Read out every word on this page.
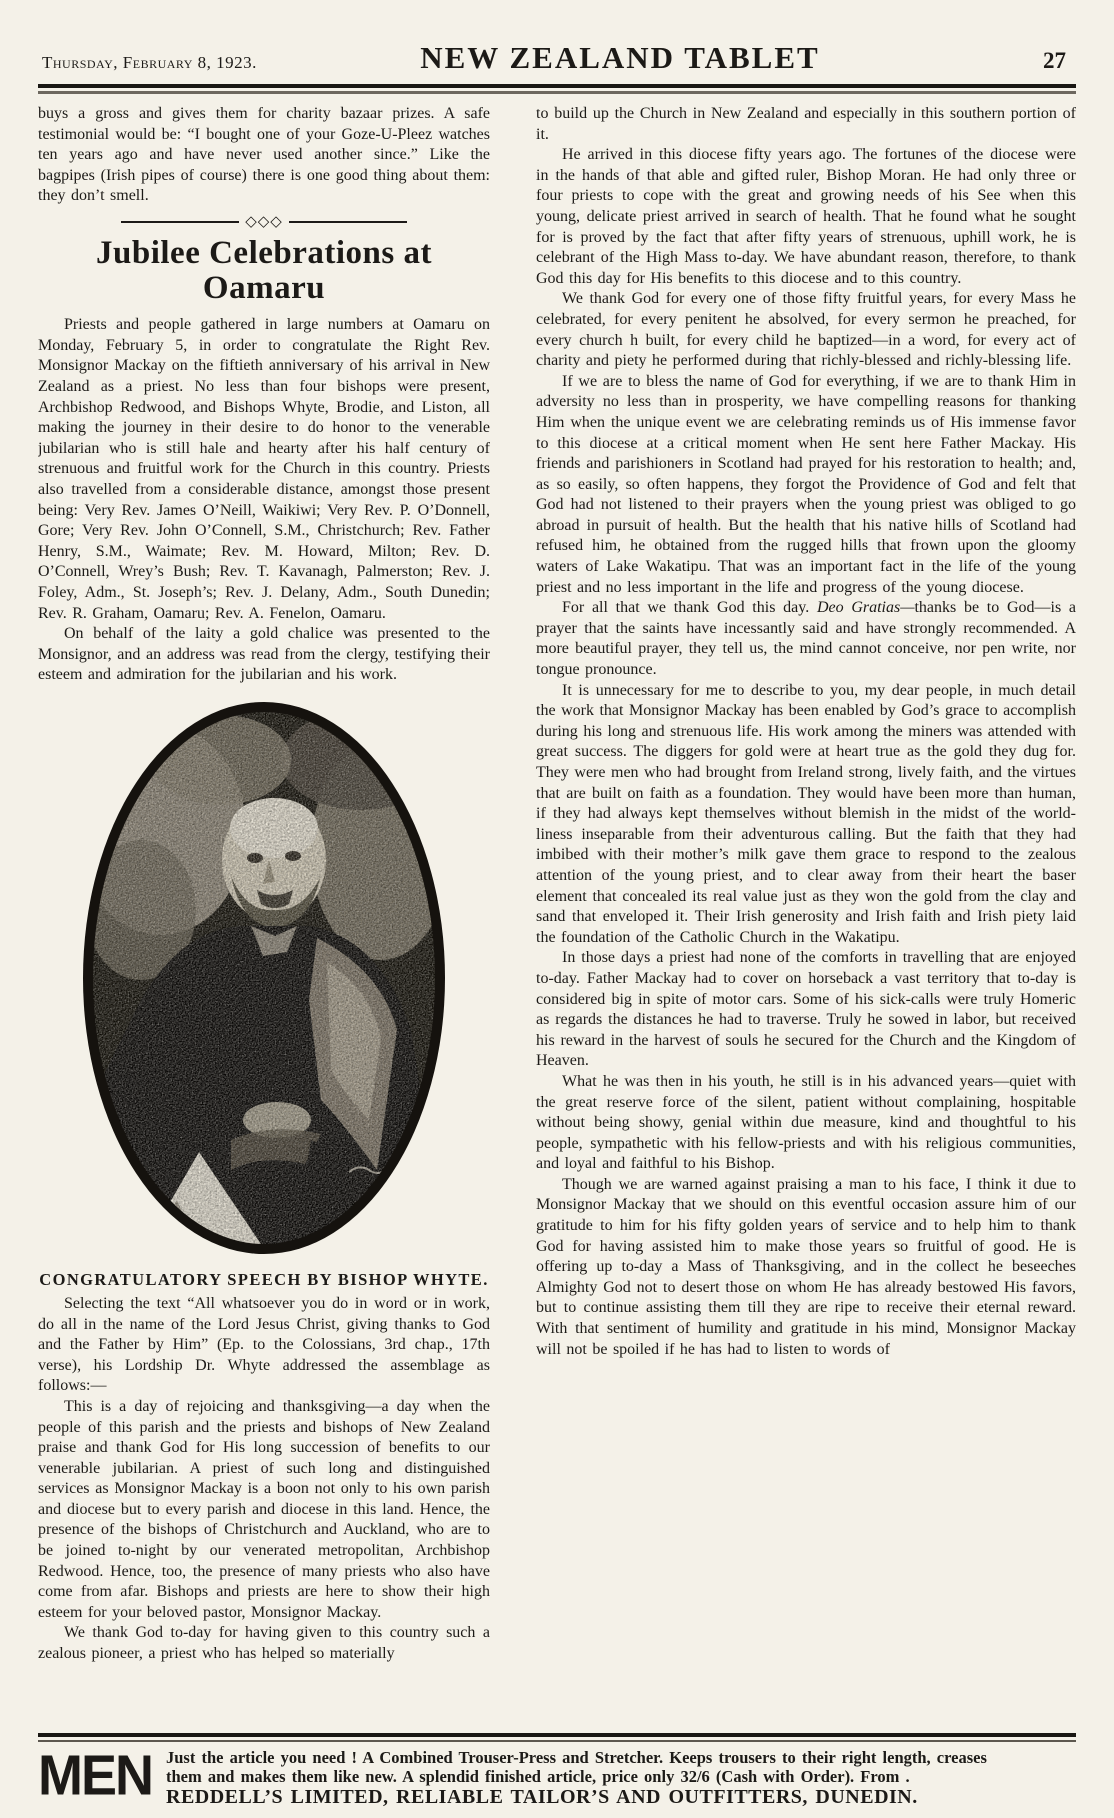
Thursday, February 8, 1923.	NEW ZEALAND TABLET	27

buys a gross and gives them for charity bazaar prizes. A safe testimonial would be: “I bought one of your Goze-U-Pleez watches ten years ago and have never used another since.” Like the bagpipes (Irish pipes of course) there is one good thing about them: they don’t smell.

◇◇◇
Jubilee Celebrations at Oamaru

Priests and people gathered in large numbers at Oamaru on Monday, February 5, in order to congratulate the Right Rev. Monsignor Mackay on the fiftieth anniversary of his arrival in New Zealand as a priest. No less than four bishops were present, Archbishop Redwood, and Bishops Whyte, Brodie, and Liston, all making the journey in their desire to do honor to the venerable jubilarian who is still hale and hearty after his half century of strenuous and fruitful work for the Church in this country. Priests also travelled from a considerable distance, amongst those present being: Very Rev. James O’Neill, Waikiwi; Very Rev. P. O’Donnell, Gore; Very Rev. John O’Connell, S.M., Christchurch; Rev. Father Henry, S.M., Waimate; Rev. M. Howard, Milton; Rev. D. O’Connell, Wrey’s Bush; Rev. T. Kavanagh, Palmerston; Rev. J. Foley, Adm., St. Joseph’s; Rev. J. Delany, Adm., South Dunedin; Rev. R. Graham, Oamaru; Rev. A. Fenelon, Oamaru.

On behalf of the laity a gold chalice was presented to the Monsignor, and an address was read from the clergy, testifying their esteem and admiration for the jubilarian and his work.

CONGRATULATORY SPEECH BY BISHOP WHYTE.

Selecting the text “All whatsoever you do in word or in work, do all in the name of the Lord Jesus Christ, giving thanks to God and the Father by Him” (Ep. to the Colossians, 3rd chap., 17th verse), his Lordship Dr. Whyte addressed the assemblage as follows:—

This is a day of rejoicing and thanksgiving—a day when the people of this parish and the priests and bishops of New Zealand praise and thank God for His long succession of benefits to our venerable jubilarian. A priest of such long and distinguished services as Monsignor Mackay is a boon not only to his own parish and diocese but to every parish and diocese in this land. Hence, the presence of the bishops of Christchurch and Auckland, who are to be joined to-night by our venerated metropolitan, Archbishop Redwood. Hence, too, the presence of many priests who also have come from afar. Bishops and priests are here to show their high esteem for your beloved pastor, Monsignor Mackay.

We thank God to-day for having given to this country such a zealous pioneer, a priest who has helped so materially

to build up the Church in New Zealand and especially in this southern portion of it.

He arrived in this diocese fifty years ago. The fortunes of the diocese were in the hands of that able and gifted ruler, Bishop Moran. He had only three or four priests to cope with the great and growing needs of his See when this young, delicate priest arrived in search of health. That he found what he sought for is proved by the fact that after fifty years of strenuous, uphill work, he is celebrant of the High Mass to-day. We have abundant reason, therefore, to thank God this day for His benefits to this diocese and to this country.

We thank God for every one of those fifty fruitful years, for every Mass he celebrated, for every penitent he absolved, for every sermon he preached, for every church h built, for every child he baptized—in a word, for every act of charity and piety he performed during that richly-blessed and richly-blessing life.

If we are to bless the name of God for everything, if we are to thank Him in adversity no less than in prosperity, we have compelling reasons for thanking Him when the unique event we are celebrating reminds us of His immense favor to this diocese at a critical moment when He sent here Father Mackay. His friends and parishioners in Scotland had prayed for his restoration to health; and, as so easily, so often happens, they forgot the Providence of God and felt that God had not listened to their prayers when the young priest was obliged to go abroad in pursuit of health. But the health that his native hills of Scotland had refused him, he obtained from the rugged hills that frown upon the gloomy waters of Lake Wakatipu. That was an important fact in the life of the young priest and no less important in the life and progress of the young diocese.

For all that we thank God this day. Deo Gratias—thanks be to God—is a prayer that the saints have incessantly said and have strongly recommended. A more beautiful prayer, they tell us, the mind cannot conceive, nor pen write, nor tongue pronounce.

It is unnecessary for me to describe to you, my dear people, in much detail the work that Monsignor Mackay has been enabled by God’s grace to accomplish during his long and strenuous life. His work among the miners was attended with great success. The diggers for gold were at heart true as the gold they dug for. They were men who had brought from Ireland strong, lively faith, and the virtues that are built on faith as a foundation. They would have been more than human, if they had always kept themselves without blemish in the midst of the world-liness inseparable from their adventurous calling. But the faith that they had imbibed with their mother’s milk gave them grace to respond to the zealous attention of the young priest, and to clear away from their heart the baser element that concealed its real value just as they won the gold from the clay and sand that enveloped it. Their Irish generosity and Irish faith and Irish piety laid the foundation of the Catholic Church in the Wakatipu.

In those days a priest had none of the comforts in travelling that are enjoyed to-day. Father Mackay had to cover on horseback a vast territory that to-day is considered big in spite of motor cars. Some of his sick-calls were truly Homeric as regards the distances he had to traverse. Truly he sowed in labor, but received his reward in the harvest of souls he secured for the Church and the Kingdom of Heaven.

What he was then in his youth, he still is in his advanced years—quiet with the great reserve force of the silent, patient without complaining, hospitable without being showy, genial within due measure, kind and thoughtful to his people, sympathetic with his fellow-priests and with his religious communities, and loyal and faithful to his Bishop.

Though we are warned against praising a man to his face, I think it due to Monsignor Mackay that we should on this eventful occasion assure him of our gratitude to him for his fifty golden years of service and to help him to thank God for having assisted him to make those years so fruitful of good. He is offering up to-day a Mass of Thanksgiving, and in the collect he beseeches Almighty God not to desert those on whom He has already bestowed His favors, but to continue assisting them till they are ripe to receive their eternal reward. With that sentiment of humility and gratitude in his mind, Monsignor Mackay will not be spoiled if he has had to listen to words of

MEN Just the article you need ! A Combined Trouser-Press and Stretcher. Keeps trousers to their right length, creases
them and makes them like new. A splendid finished article, price only 32/6 (Cash with Order). From .
REDDELL’S LIMITED, RELIABLE TAILOR’S AND OUTFITTERS, DUNEDIN.
